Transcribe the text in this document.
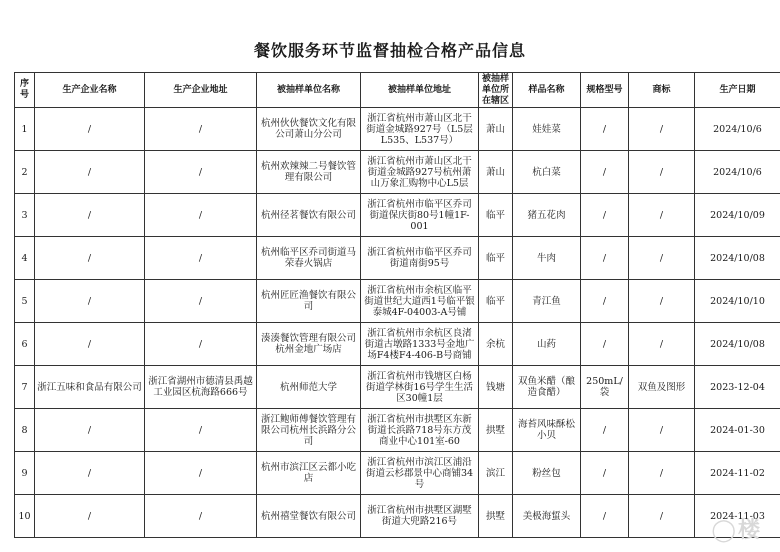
餐饮服务环节监督抽检合格产品信息
序号	生产企业名称	生产企业地址	被抽样单位名称	被抽样单位地址	被抽样单位所在辖区	样品名称	规格型号	商标	生产日期
1	/	/	杭州伙伙餐饮文化有限公司萧山分公司	浙江省杭州市萧山区北干街道金城路927号（L5层L535、L537号）	萧山	娃娃菜	/	/	2024/10/6
2	/	/	杭州欢辣辣二号餐饮管理有限公司	浙江省杭州市萧山区北干街道金城路927号杭州萧山万象汇购物中心L5层	萧山	杭白菜	/	/	2024/10/6
3	/	/	杭州径茗餐饮有限公司	浙江省杭州市临平区乔司街道保庆街80号1幢1F-001	临平	猪五花肉	/	/	2024/10/09
4	/	/	杭州临平区乔司街道马荣春火锅店	浙江省杭州市临平区乔司街道南街95号	临平	牛肉	/	/	2024/10/08
5	/	/	杭州匠匠渔餐饮有限公司	浙江省杭州市余杭区临平街道世纪大道西1号临平银泰城4F-04003-A号铺	临平	青江鱼	/	/	2024/10/10
6	/	/	湊湊餐饮管理有限公司杭州金地广场店	浙江省杭州市余杭区良渚街道古墩路1333号金地广场F4楼F4-406-B号商铺	余杭	山药	/	/	2024/10/08
7	浙江五味和食品有限公司	浙江省湖州市德清县禹越工业园区杭海路666号	杭州师范大学	浙江省杭州市钱塘区白杨街道学林街16号学生生活区30幢1层	钱塘	双鱼米醋（酿造食醋）	250mL/袋	双鱼及图形	2023-12-04
8	/	/	浙江鲍师傅餐饮管理有限公司杭州长浜路分公司	浙江省杭州市拱墅区东新街道长浜路718号东方茂商业中心101室-60	拱墅	海苔风味酥松小贝	/	/	2024-01-30
9	/	/	杭州市滨江区云都小吃店	浙江省杭州市滨江区浦沿街道云杉郡景中心商铺34号	滨江	粉丝包	/	/	2024-11-02
10	/	/	杭州禧堂餐饮有限公司	浙江省杭州市拱墅区湖墅街道大兜路216号	拱墅	美极海蜇头	/	/	2024-11-03
◯楼
